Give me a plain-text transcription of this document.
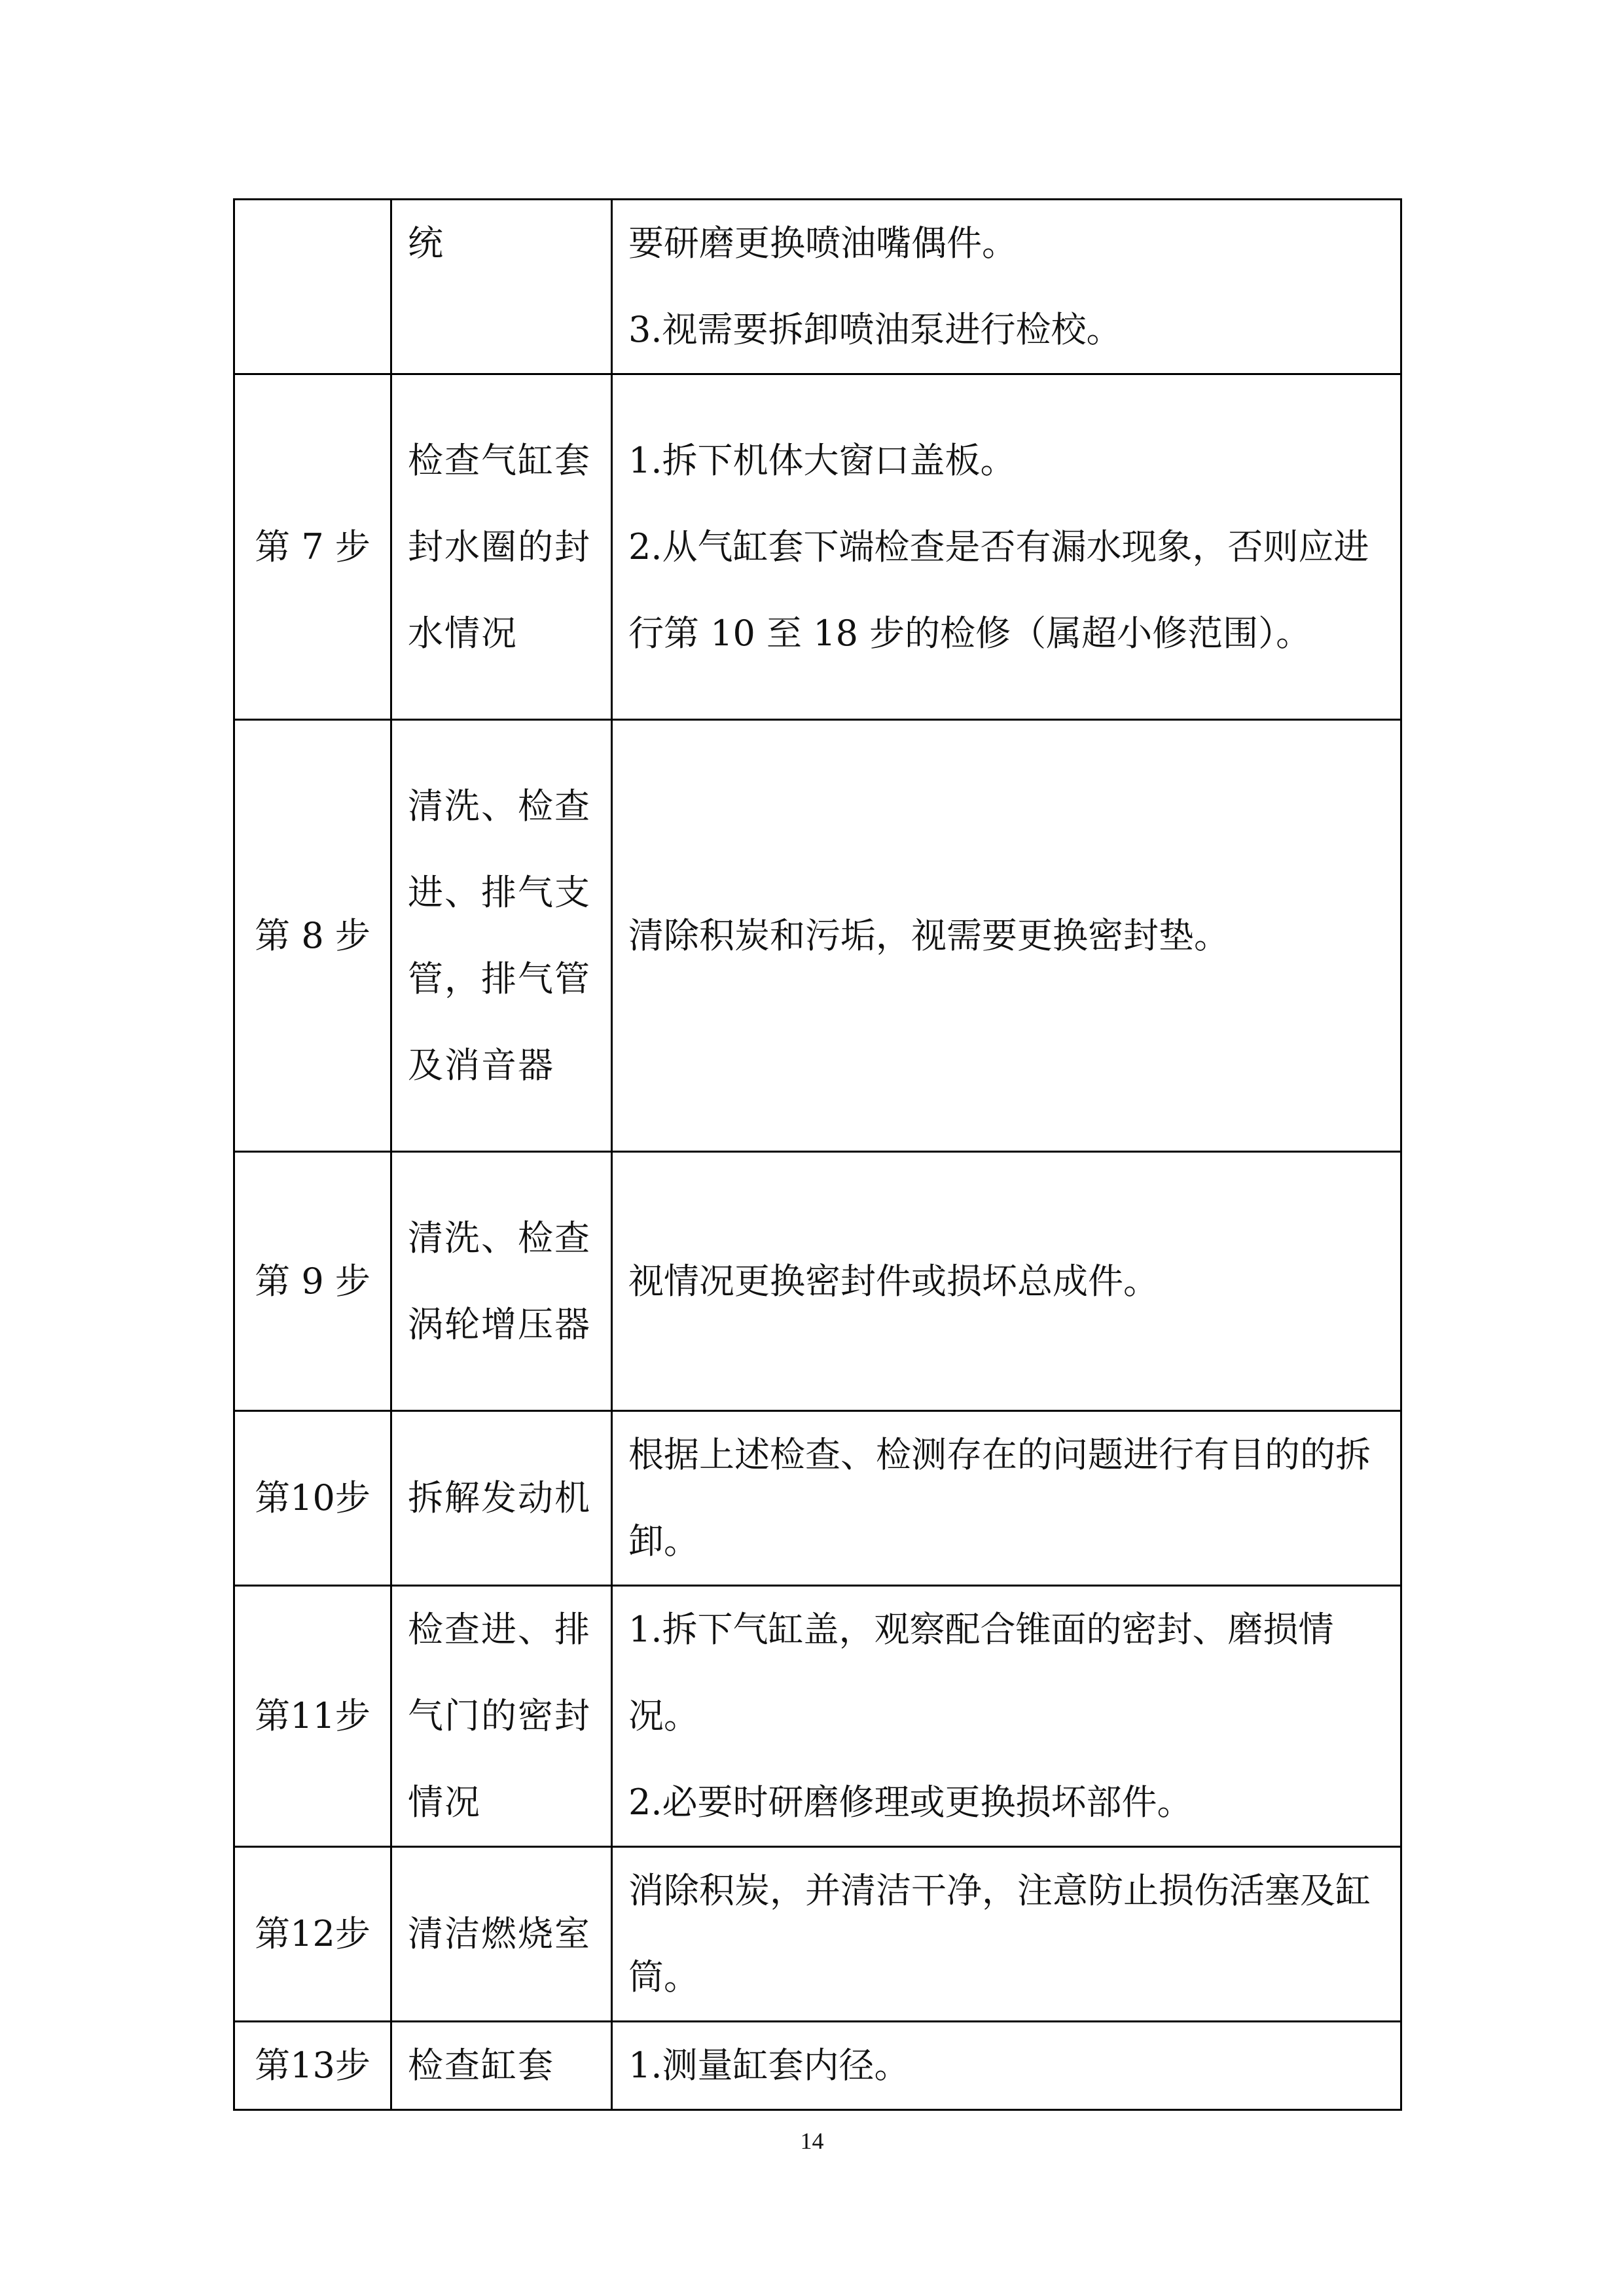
	统	要研磨更换喷油嘴偶件。
3.视需要拆卸喷油泵进行检校。

第 7 步	检查气缸套封水圈的封水情况	1.拆下机体大窗口盖板。
2.从气缸套下端检查是否有漏水现象，否则应进行第 10 至 18 步的检修（属超小修范围）。

第 8 步	清洗、检查进、排气支管，排气管及消音器	清除积炭和污垢，视需要更换密封垫。

第 9 步	清洗、检查涡轮增压器	视情况更换密封件或损坏总成件。

第10步	拆解发动机	根据上述检查、检测存在的问题进行有目的的拆卸。

第11步	检查进、排气门的密封情况	1.拆下气缸盖，观察配合锥面的密封、磨损情况。
2.必要时研磨修理或更换损坏部件。

第12步	清洁燃烧室	消除积炭，并清洁干净，注意防止损伤活塞及缸筒。

第13步	检查缸套	1.测量缸套内径。
14
